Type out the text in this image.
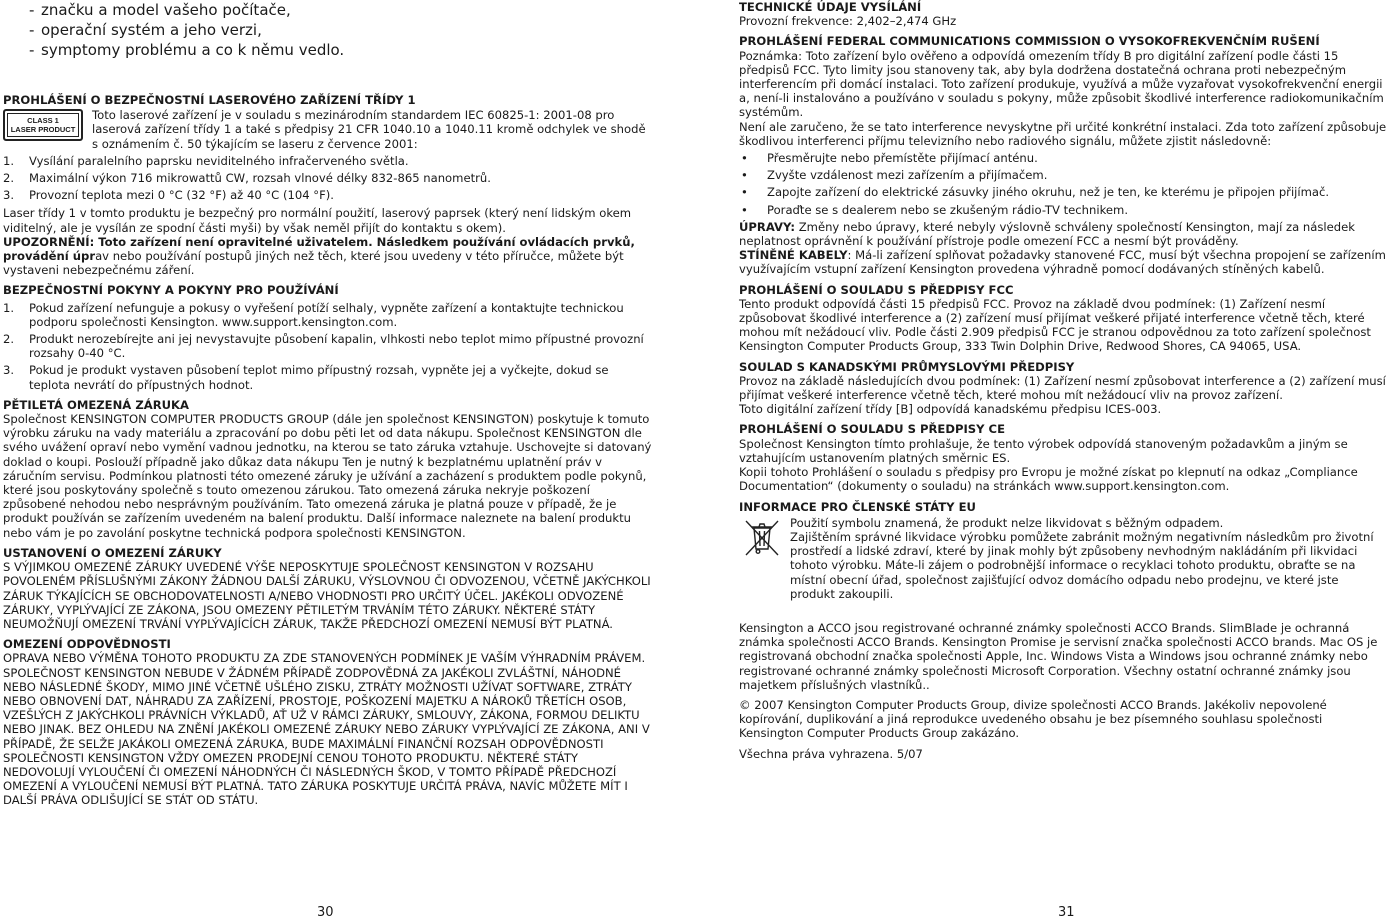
- značku a model vašeho počítače,
- operační systém a jeho verzi,
- symptomy problému a co k němu vedlo.
PROHLÁŠENÍ O BEZPEČNOSTNÍ LASEROVÉHO ZAŘÍZENÍ TŘÍDY 1
CLASS 1
LASER PRODUCT

Toto laserové zařízení je v souladu s mezinárodním standardem IEC 60825-1: 2001-08 pro laserová zařízení třídy 1 a také s předpisy 21 CFR 1040.10 a 1040.11 kromě odchylek ve shodě s oznámením č. 50 týkajícím se laseru z července 2001:

1. Vysílání paralelního paprsku neviditelného infračerveného světla.
2. Maximální výkon 716 mikrowattů CW, rozsah vlnové délky 832-865 nanometrů.
3. Provozní teplota mezi 0 °C (32 °F) až 40 °C (104 °F).

Laser třídy 1 v tomto produktu je bezpečný pro normální použití, laserový paprsek (který není lidským okem viditelný, ale je vysílán ze spodní části myši) by však neměl přijít do kontaktu s okem).

UPOZORNĚNÍ: Toto zařízení není opravitelné uživatelem. Následkem používání ovládacích prvků, provádění úprav nebo používání postupů jiných než těch, které jsou uvedeny v této příručce, můžete být vystaveni nebezpečnému záření.

BEZPEČNOSTNÍ POKYNY A POKYNY PRO POUŽÍVÁNÍ
1. Pokud zařízení nefunguje a pokusy o vyřešení potíží selhaly, vypněte zařízení a kontaktujte technickou podporu společnosti Kensington. www.support.kensington.com.
2. Produkt nerozebírejte ani jej nevystavujte působení kapalin, vlhkosti nebo teplot mimo přípustné provozní rozsahy 0-40 °C.
3. Pokud je produkt vystaven působení teplot mimo přípustný rozsah, vypněte jej a vyčkejte, dokud se teplota nevrátí do přípustných hodnot.
PĚTILETÁ OMEZENÁ ZÁRUKA

Společnost KENSINGTON COMPUTER PRODUCTS GROUP (dále jen společnost KENSINGTON) poskytuje k tomuto výrobku záruku na vady materiálu a zpracování po dobu pěti let od data nákupu. Společnost KENSINGTON dle svého uvážení opraví nebo vymění vadnou jednotku, na kterou se tato záruka vztahuje. Uschovejte si datovaný doklad o koupi. Poslouží případně jako důkaz data nákupu Ten je nutný k bezplatnému uplatnění práv v záručním servisu. Podmínkou platnosti této omezené záruky je užívání a zacházení s produktem podle pokynů, které jsou poskytovány společně s touto omezenou zárukou. Tato omezená záruka nekryje poškození způsobené nehodou nebo nesprávným používáním. Tato omezená záruka je platná pouze v případě, že je produkt používán se zařízením uvedeném na balení produktu. Další informace naleznete na balení produktu nebo vám je po zavolání poskytne technická podpora společnosti KENSINGTON.

USTANOVENÍ O OMEZENÍ ZÁRUKY

S VÝJIMKOU OMEZENÉ ZÁRUKY UVEDENÉ VÝŠE NEPOSKYTUJE SPOLEČNOST KENSINGTON V ROZSAHU POVOLENÉM PŘÍSLUŠNÝMI ZÁKONY ŽÁDNOU DALŠÍ ZÁRUKU, VÝSLOVNOU ČI ODVOZENOU, VČETNĚ JAKÝCHKOLI ZÁRUK TÝKAJÍCÍCH SE OBCHODOVATELNOSTI A/NEBO VHODNOSTI PRO URČITÝ ÚČEL. JAKÉKOLI ODVOZENÉ ZÁRUKY, VYPLÝVAJÍCÍ ZE ZÁKONA, JSOU OMEZENY PĚTILETÝM TRVÁNÍM TÉTO ZÁRUKY. NĚKTERÉ STÁTY NEUMOŽŇUJÍ OMEZENÍ TRVÁNÍ VYPLÝVAJÍCÍCH ZÁRUK, TAKŽE PŘEDCHOZÍ OMEZENÍ NEMUSÍ BÝT PLATNÁ.

OMEZENÍ ODPOVĚDNOSTI

OPRAVA NEBO VÝMĚNA TOHOTO PRODUKTU ZA ZDE STANOVENÝCH PODMÍNEK JE VAŠÍM VÝHRADNÍM PRÁVEM. SPOLEČNOST KENSINGTON NEBUDE V ŽÁDNÉM PŘÍPADĚ ZODPOVĚDNÁ ZA JAKÉKOLI ZVLÁŠTNÍ, NÁHODNÉ NEBO NÁSLEDNÉ ŠKODY, MIMO JINÉ VČETNĚ UŠLÉHO ZISKU, ZTRÁTY MOŽNOSTI UŽÍVAT SOFTWARE, ZTRÁTY NEBO OBNOVENÍ DAT, NÁHRADU ZA ZAŘÍZENÍ, PROSTOJE, POŠKOZENÍ MAJETKU A NÁROKŮ TŘETÍCH OSOB, VZEŠLÝCH Z JAKÝCHKOLI PRÁVNÍCH VÝKLADŮ, AŤ UŽ V RÁMCI ZÁRUKY, SMLOUVY, ZÁKONA, FORMOU DELIKTU NEBO JINAK. BEZ OHLEDU NA ZNĚNÍ JAKÉKOLI OMEZENÉ ZÁRUKY NEBO ZÁRUKY VYPLÝVAJÍCÍ ZE ZÁKONA, ANI V PŘÍPADĚ, ŽE SELŽE JAKÁKOLI OMEZENÁ ZÁRUKA, BUDE MAXIMÁLNÍ FINANČNÍ ROZSAH ODPOVĚDNOSTI SPOLEČNOSTI KENSINGTON VŽDY OMEZEN PRODEJNÍ CENOU TOHOTO PRODUKTU. NĚKTERÉ STÁTY NEDOVOLUJÍ VYLOUČENÍ ČI OMEZENÍ NÁHODNÝCH ČI NÁSLEDNÝCH ŠKOD, V TOMTO PŘÍPADĚ PŘEDCHOZÍ OMEZENÍ A VYLOUČENÍ NEMUSÍ BÝT PLATNÁ. TATO ZÁRUKA POSKYTUJE URČITÁ PRÁVA, NAVÍC MŮŽETE MÍT I DALŠÍ PRÁVA ODLIŠUJÍCÍ SE STÁT OD STÁTU.

30
TECHNICKÉ ÚDAJE VYSÍLÁNÍ

Provozní frekvence: 2,402–2,474 GHz

PROHLÁŠENÍ FEDERAL COMMUNICATIONS COMMISSION O VYSOKOFREKVENČNÍM RUŠENÍ

Poznámka: Toto zařízení bylo ověřeno a odpovídá omezením třídy B pro digitální zařízení podle části 15 předpisů FCC. Tyto limity jsou stanoveny tak, aby byla dodržena dostatečná ochrana proti nebezpečným interferencím při domácí instalaci. Toto zařízení produkuje, využívá a může vyzařovat vysokofrekvenční energii a, není-li instalováno a používáno v souladu s pokyny, může způsobit škodlivé interference radiokomunikačním systémům.

Není ale zaručeno, že se tato interference nevyskytne při určité konkrétní instalaci. Zda toto zařízení způsobuje škodlivou interferenci příjmu televizního nebo radiového signálu, můžete zjistit následovně:

• Přesměrujte nebo přemístěte přijímací anténu.
• Zvyšte vzdálenost mezi zařízením a přijímačem.
• Zapojte zařízení do elektrické zásuvky jiného okruhu, než je ten, ke kterému je připojen přijímač.
• Poraďte se s dealerem nebo se zkušeným rádio-TV technikem.

ÚPRAVY: Změny nebo úpravy, které nebyly výslovně schváleny společností Kensington, mají za následek neplatnost oprávnění k používání přístroje podle omezení FCC a nesmí být prováděny.

STÍNĚNÉ KABELY: Má-li zařízení splňovat požadavky stanovené FCC, musí být všechna propojení se zařízením využívajícím vstupní zařízení Kensington provedena výhradně pomocí dodávaných stíněných kabelů.

PROHLÁŠENÍ O SOULADU S PŘEDPISY FCC

Tento produkt odpovídá části 15 předpisů FCC. Provoz na základě dvou podmínek: (1) Zařízení nesmí způsobovat škodlivé interference a (2) zařízení musí přijímat veškeré přijaté interference včetně těch, které mohou mít nežádoucí vliv. Podle části 2.909 předpisů FCC je stranou odpovědnou za toto zařízení společnost Kensington Computer Products Group, 333 Twin Dolphin Drive, Redwood Shores, CA 94065, USA.

SOULAD S KANADSKÝMI PRŮMYSLOVÝMI PŘEDPISY

Provoz na základě následujících dvou podmínek: (1) Zařízení nesmí způsobovat interference a (2) zařízení musí přijímat veškeré interference včetně těch, které mohou mít nežádoucí vliv na provoz zařízení.

Toto digitální zařízení třídy [B] odpovídá kanadskému předpisu ICES-003.

PROHLÁŠENÍ O SOULADU S PŘEDPISY CE

Společnost Kensington tímto prohlašuje, že tento výrobek odpovídá stanoveným požadavkům a jiným se vztahujícím ustanovením platných směrnic ES.

Kopii tohoto Prohlášení o souladu s předpisy pro Evropu je možné získat po klepnutí na odkaz „Compliance Documentation“ (dokumenty o souladu) na stránkách www.support.kensington.com.

INFORMACE PRO ČLENSKÉ STÁTY EU

Použití symbolu znamená, že produkt nelze likvidovat s běžným odpadem.

Zajištěním správné likvidace výrobku pomůžete zabránit možným negativním následkům pro životní prostředí a lidské zdraví, které by jinak mohly být způsobeny nevhodným nakládáním při likvidaci tohoto výrobku. Máte-li zájem o podrobnější informace o recyklaci tohoto produktu, obraťte se na místní obecní úřad, společnost zajišťující odvoz domácího odpadu nebo prodejnu, ve které jste produkt zakoupili.

Kensington a ACCO jsou registrované ochranné známky společnosti ACCO Brands. SlimBlade je ochranná známka společnosti ACCO Brands. Kensington Promise je servisní značka společnosti ACCO brands. Mac OS je registrovaná obchodní značka společnosti Apple, Inc. Windows Vista a Windows jsou ochranné známky nebo registrované ochranné známky společnosti Microsoft Corporation. Všechny ostatní ochranné známky jsou majetkem příslušných vlastníků..

© 2007 Kensington Computer Products Group, divize společnosti ACCO Brands. Jakékoliv nepovolené kopírování, duplikování a jiná reprodukce uvedeného obsahu je bez písemného souhlasu společnosti Kensington Computer Products Group zakázáno.

Všechna práva vyhrazena. 5/07

31
